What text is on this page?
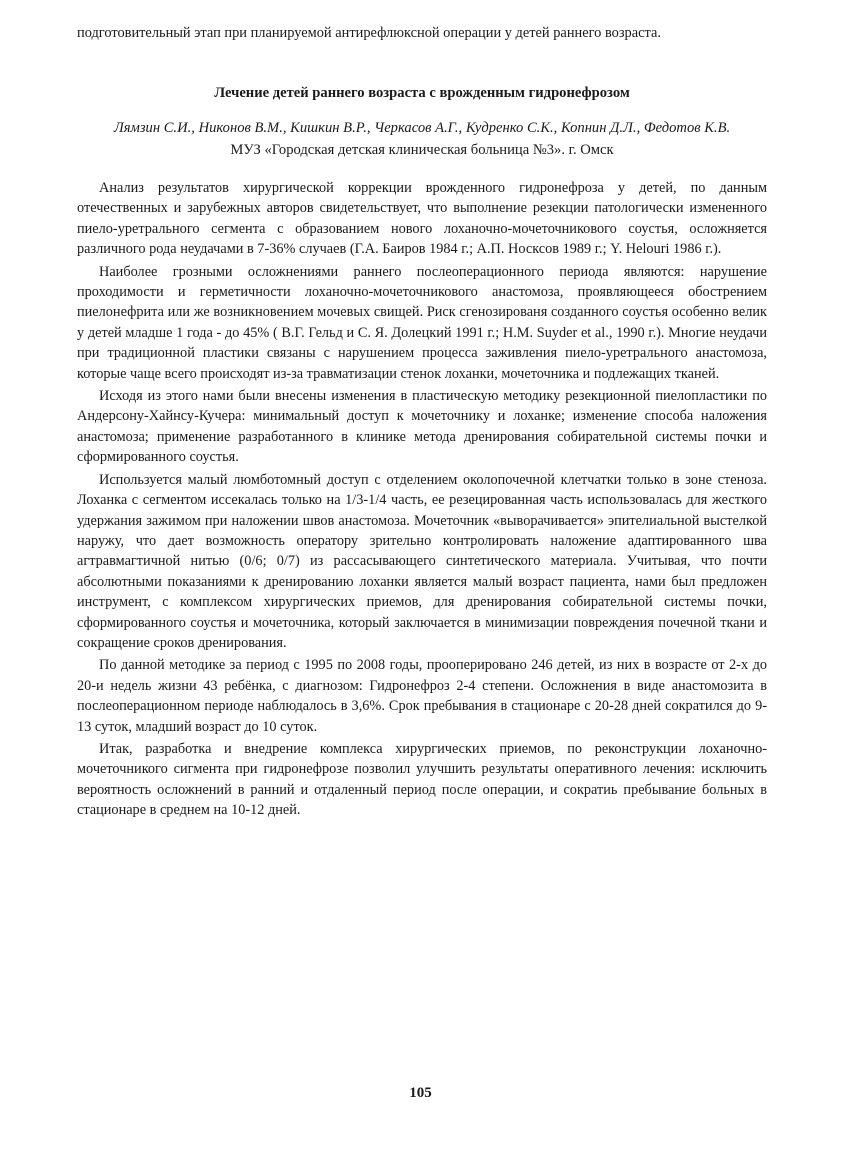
подготовительный этап при планируемой антирефлюксной операции у детей раннего возраста.

Лечение детей раннего возраста с врожденным гидронефрозом
Лямзин С.И., Никонов В.М., Кишкин В.Р., Черкасов А.Г., Кудренко С.К., Копнин Д.Л., Федотов К.В.
МУЗ «Городская детская клиническая больница №3». г. Омск

Анализ результатов хирургической коррекции врожденного гидронефроза у детей, по данным отечественных и зарубежных авторов свидетельствует, что выполнение резекции патологически измененного пиело-уретрального сегмента с образованием нового лоханочно-мочеточникового соустья, осложняется различного рода неудачами в 7-36% случаев (Г.А. Баиров 1984 г.; А.П. Носксов 1989 г.; Y. Helouri 1986 г.).

Наиболее грозными осложнениями раннего послеоперационного периода являются: нарушение проходимости и герметичности лоханочно-мочеточникового анастомоза, проявляющееся обострением пиелонефрита или же возникновением мочевых свищей. Риск сгенозированя созданного соустья особенно велик у детей младше 1 года - до 45% ( В.Г. Гельд и С. Я. Долецкий 1991 г.; H.M. Suyder et al., 1990 г.). Многие неудачи при традиционной пластики связаны с нарушением процесса заживления пиело-уретрального анастомоза, которые чаще всего происходят из-за травматизации стенок лоханки, мочеточника и подлежащих тканей.

Исходя из этого нами были внесены изменения в пластическую методику резекционной пиелопластики по Андерсону-Хайнсу-Кучера: минимальный доступ к мочеточнику и лоханке; изменение способа наложения анастомоза; применение разработанного в клинике метода дренирования собирательной системы почки и сформированного соустья.

Используется малый люмботомный доступ с отделением околопочечной клетчатки только в зоне стеноза. Лоханка с сегментом иссекалась только на 1/3-1/4 часть, ее резецированная часть использовалась для жесткого удержания зажимом при наложении швов анастомоза. Мочеточник «выворачивается» эпителиальной выстелкой наружу, что дает возможность оператору зрительно контролировать наложение адаптированного шва агтравмагтичной нитью (0/6; 0/7) из рассасывающего синтетического материала. Учитывая, что почти абсолютными показаниями к дренированию лоханки является малый возраст пациента, нами был предложен инструмент, с комплексом хирургических приемов, для дренирования собирательной системы почки, сформированного соустья и мочеточника, который заключается в минимизации повреждения почечной ткани и сокращение сроков дренирования.

По данной методике за период с 1995 по 2008 годы, прооперировано 246 детей, из них в возрасте от 2-х до 20-и недель жизни 43 ребёнка, с диагнозом: Гидронефроз 2-4 степени. Осложнения в виде анастомозита в послеоперационном периоде наблюдалось в 3,6%. Срок пребывания в стационаре с 20-28 дней сократился до 9-13 суток, младший возраст до 10 суток.

Итак, разработка и внедрение комплекса хирургических приемов, по реконструкции лоханочно-мочеточникого сигмента при гидронефрозе позволил улучшить результаты оперативного лечения: исключить вероятность осложнений в ранний и отдаленный период после операции, и сократиь пребывание больных в стационаре в среднем на 10-12 дней.

105
